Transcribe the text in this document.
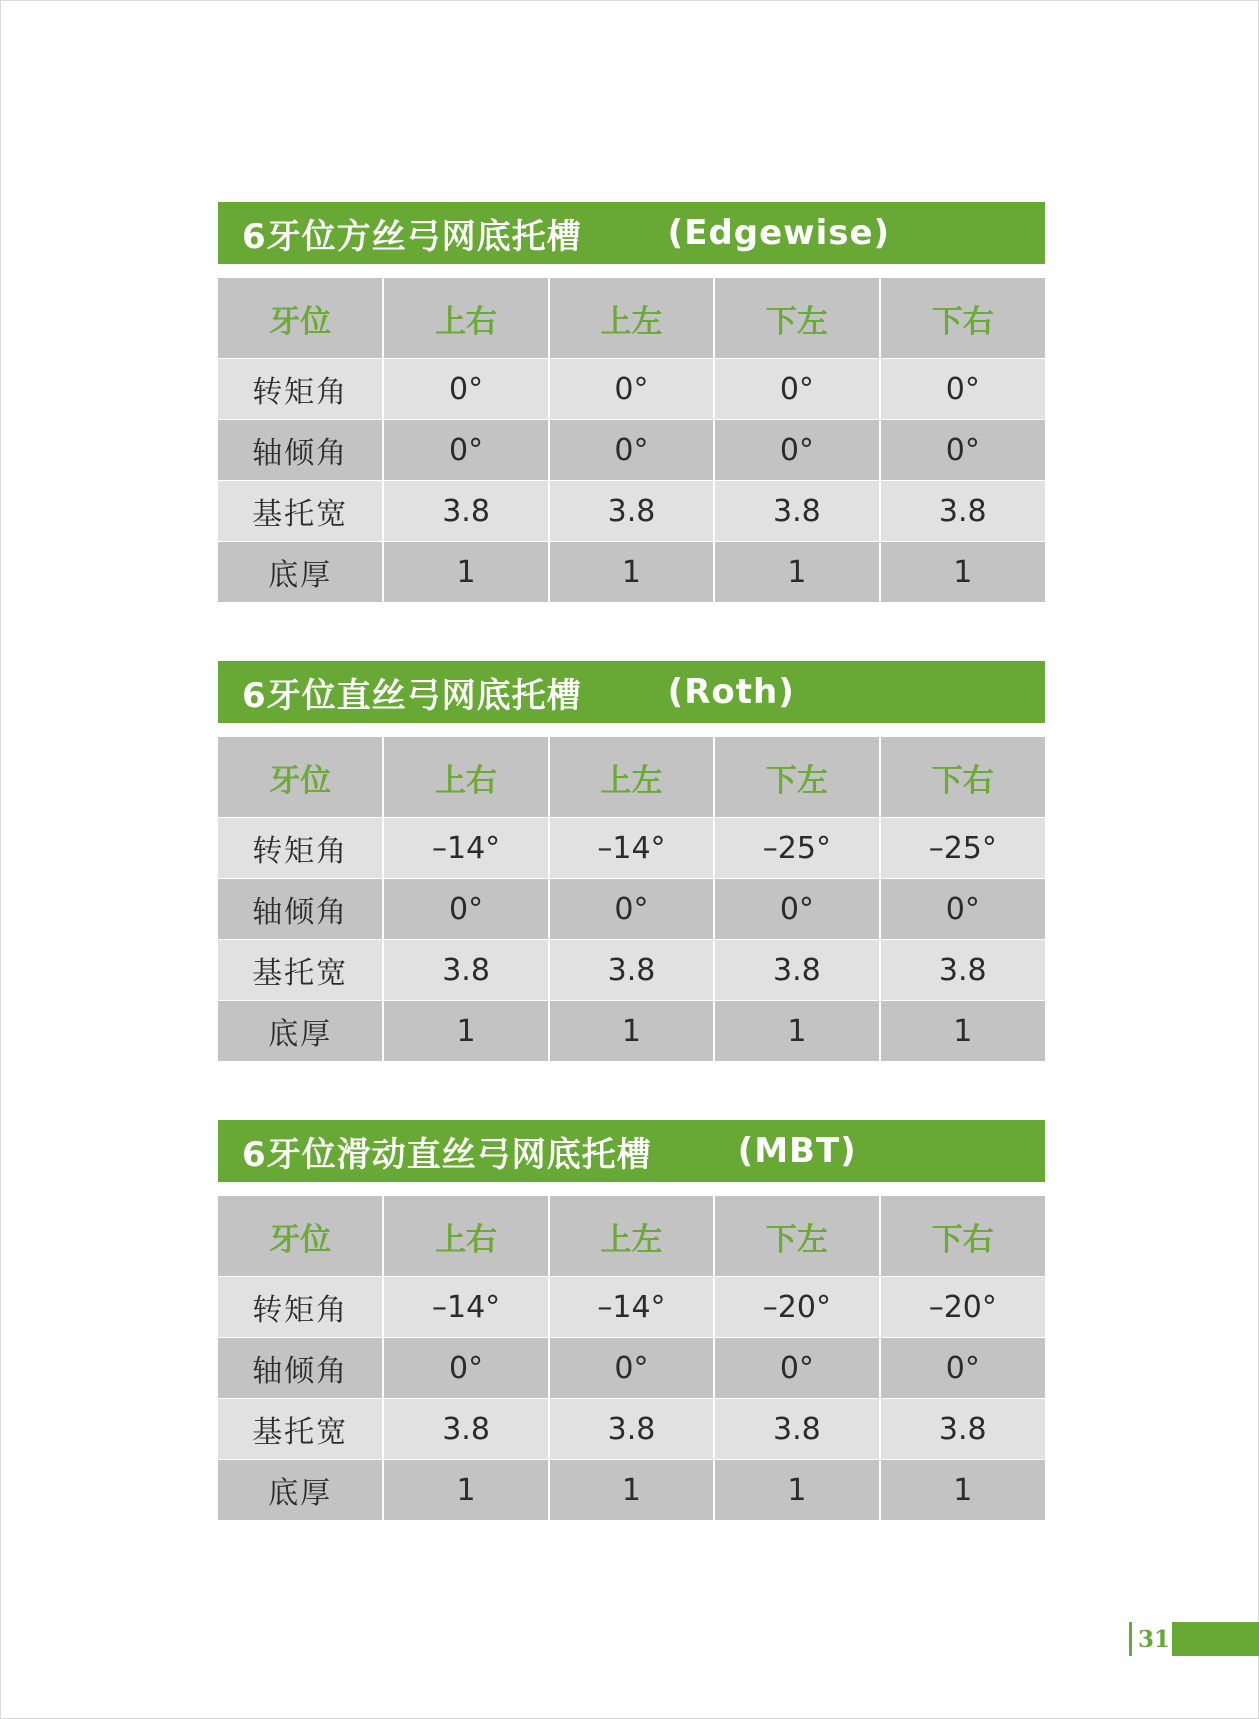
6牙位方丝弓网底托槽	(Edgewise)
牙位	上右	上左	下左	下右
转矩角	0°	0°	0°	0°
轴倾角	0°	0°	0°	0°
基托宽	3.8	3.8	3.8	3.8
底厚	1	1	1	1
6牙位直丝弓网底托槽	(Roth)
牙位	上右	上左	下左	下右
转矩角	–14°	–14°	–25°	–25°
轴倾角	0°	0°	0°	0°
基托宽	3.8	3.8	3.8	3.8
底厚	1	1	1	1
6牙位滑动直丝弓网底托槽	(MBT)
牙位	上右	上左	下左	下右
转矩角	–14°	–14°	–20°	–20°
轴倾角	0°	0°	0°	0°
基托宽	3.8	3.8	3.8	3.8
底厚	1	1	1	1
31
